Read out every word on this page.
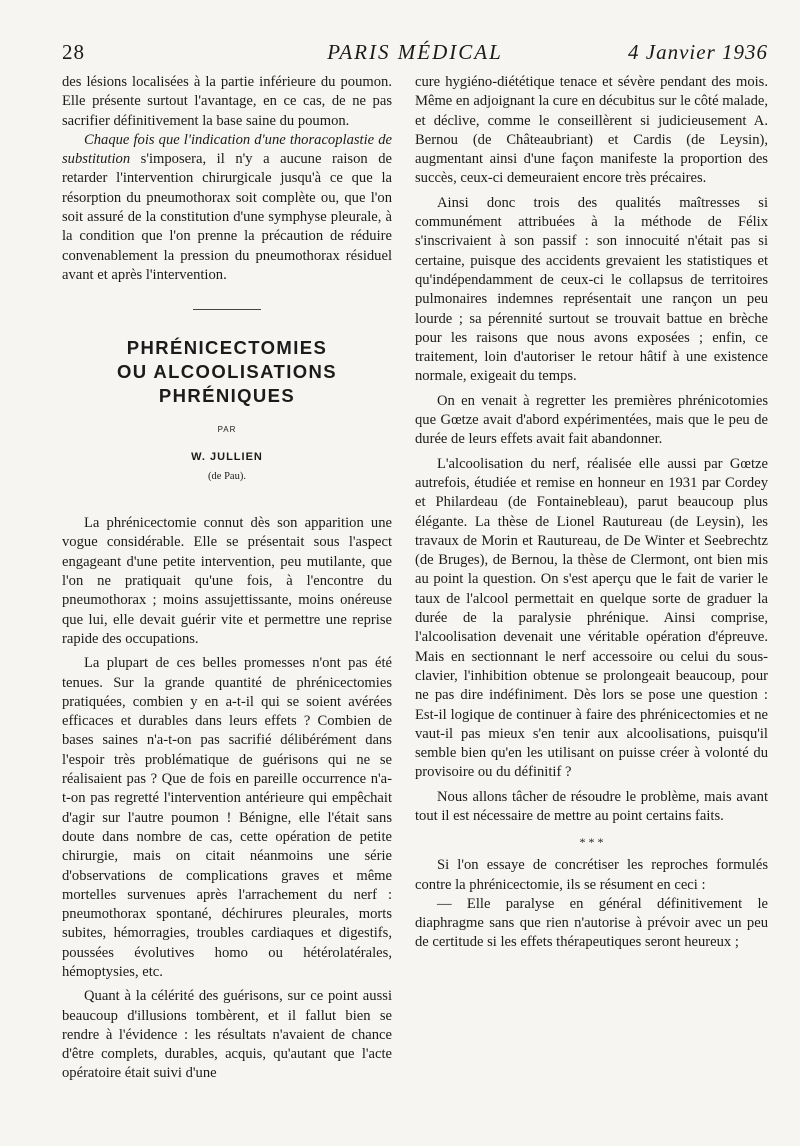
28	PARIS MÉDICAL	4 Janvier 1936

des lésions localisées à la partie inférieure du poumon. Elle présente surtout l'avantage, en ce cas, de ne pas sacrifier définitivement la base saine du poumon.

Chaque fois que l'indication d'une thoracoplastie de substitution s'imposera, il n'y a aucune raison de retarder l'intervention chirurgicale jusqu'à ce que la résorption du pneumothorax soit complète ou, que l'on soit assuré de la constitution d'une symphyse pleurale, à la condition que l'on prenne la précaution de réduire convenablement la pression du pneumothorax résiduel avant et après l'intervention.

PHRÉNICECTOMIES
OU ALCOOLISATIONS
PHRÉNIQUES
PAR
W. JULLIEN
(de Pau).

La phrénicectomie connut dès son apparition une vogue considérable. Elle se présentait sous l'aspect engageant d'une petite intervention, peu mutilante, que l'on ne pratiquait qu'une fois, à l'encontre du pneumothorax ; moins assujettissante, moins onéreuse que lui, elle devait guérir vite et permettre une reprise rapide des occupations.

La plupart de ces belles promesses n'ont pas été tenues. Sur la grande quantité de phrénicectomies pratiquées, combien y en a-t-il qui se soient avérées efficaces et durables dans leurs effets ? Combien de bases saines n'a-t-on pas sacrifié délibérément dans l'espoir très problématique de guérisons qui ne se réalisaient pas ? Que de fois en pareille occurrence n'a-t-on pas regretté l'intervention antérieure qui empêchait d'agir sur l'autre poumon ! Bénigne, elle l'était sans doute dans nombre de cas, cette opération de petite chirurgie, mais on citait néanmoins une série d'observations de complications graves et même mortelles survenues après l'arrachement du nerf : pneumothorax spontané, déchirures pleurales, morts subites, hémorragies, troubles cardiaques et digestifs, poussées évolutives homo ou hétérolatérales, hémoptysies, etc.

Quant à la célérité des guérisons, sur ce point aussi beaucoup d'illusions tombèrent, et il fallut bien se rendre à l'évidence : les résultats n'avaient de chance d'être complets, durables, acquis, qu'autant que l'acte opératoire était suivi d'une

cure hygiéno-diététique tenace et sévère pendant des mois. Même en adjoignant la cure en décubitus sur le côté malade, et déclive, comme le conseillèrent si judicieusement A. Bernou (de Châteaubriant) et Cardis (de Leysin), augmentant ainsi d'une façon manifeste la proportion des succès, ceux-ci demeuraient encore très précaires.

Ainsi donc trois des qualités maîtresses si communément attribuées à la méthode de Félix s'inscrivaient à son passif : son innocuité n'était pas si certaine, puisque des accidents grevaient les statistiques et qu'indépendamment de ceux-ci le collapsus de territoires pulmonaires indemnes représentait une rançon un peu lourde ; sa pérennité surtout se trouvait battue en brèche pour les raisons que nous avons exposées ; enfin, ce traitement, loin d'autoriser le retour hâtif à une existence normale, exigeait du temps.

On en venait à regretter les premières phrénicotomies que Gœtze avait d'abord expérimentées, mais que le peu de durée de leurs effets avait fait abandonner.

L'alcoolisation du nerf, réalisée elle aussi par Gœtze autrefois, étudiée et remise en honneur en 1931 par Cordey et Philardeau (de Fontainebleau), parut beaucoup plus élégante. La thèse de Lionel Rautureau (de Leysin), les travaux de Morin et Rautureau, de De Winter et Seebrechtz (de Bruges), de Bernou, la thèse de Clermont, ont bien mis au point la question. On s'est aperçu que le fait de varier le taux de l'alcool permettait en quelque sorte de graduer la durée de la paralysie phrénique. Ainsi comprise, l'alcoolisation devenait une véritable opération d'épreuve. Mais en sectionnant le nerf accessoire ou celui du sous-clavier, l'inhibition obtenue se prolongeait beaucoup, pour ne pas dire indéfiniment. Dès lors se pose une question : Est-il logique de continuer à faire des phrénicectomies et ne vaut-il pas mieux s'en tenir aux alcoolisations, puisqu'il semble bien qu'en les utilisant on puisse créer à volonté du provisoire ou du définitif ?

Nous allons tâcher de résoudre le problème, mais avant tout il est nécessaire de mettre au point certains faits.

* * *

Si l'on essaye de concrétiser les reproches formulés contre la phrénicectomie, ils se résument en ceci :

— Elle paralyse en général définitivement le diaphragme sans que rien n'autorise à prévoir avec un peu de certitude si les effets thérapeutiques seront heureux ;
